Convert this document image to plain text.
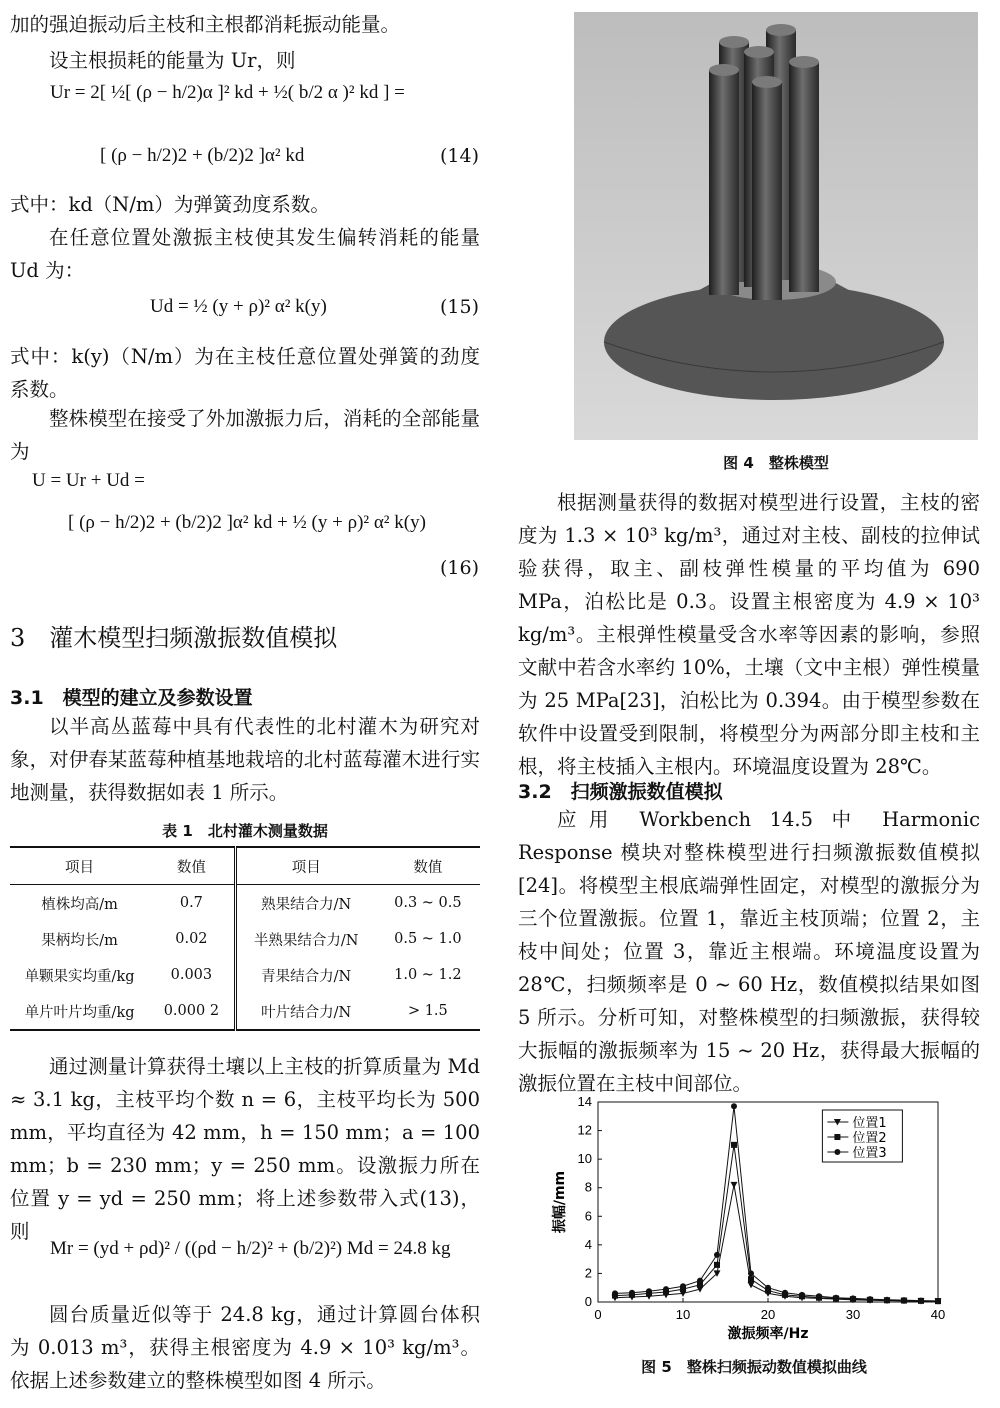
加的强迫振动后主枝和主根都消耗振动能量。

设主根损耗的能量为 Ur，则

Ur = 2[ ½[ (ρ − h/2)α ]² kd + ½( b/2 α )² kd ] =
[ (ρ − h/2)2 + (b/2)2 ]α² kd	(14)

式中：kd（N/m）为弹簧劲度系数。

在任意位置处激振主枝使其发生偏转消耗的能量 Ud 为：

Ud = ½ (y + ρ)² α² k(y)	(15)

式中：k(y)（N/m）为在主枝任意位置处弹簧的劲度系数。

整株模型在接受了外加激振力后，消耗的全部能量为

U = Ur + Ud =
[ (ρ − h/2)2 + (b/2)2 ]α² kd + ½ (y + ρ)² α² k(y)
(16)
3　灌木模型扫频激振数值模拟
3.1　模型的建立及参数设置

以半高丛蓝莓中具有代表性的北村灌木为研究对象，对伊春某蓝莓种植基地栽培的北村蓝莓灌木进行实地测量，获得数据如表 1 所示。

表 1　北村灌木测量数据
项目	数值	项目	数值
植株均高/m	0.7	熟果结合力/N	0.3 ~ 0.5
果柄均长/m	0.02	半熟果结合力/N	0.5 ~ 1.0
单颗果实均重/kg	0.003	青果结合力/N	1.0 ~ 1.2
单片叶片均重/kg	0.000 2	叶片结合力/N	> 1.5

通过测量计算获得土壤以上主枝的折算质量为 Md ≈ 3.1 kg，主枝平均个数 n = 6，主枝平均长为 500 mm，平均直径为 42 mm，h = 150 mm；a = 100 mm；b = 230 mm；y = 250 mm。设激振力所在位置 y = yd = 250 mm；将上述参数带入式(13)，则

Mr = (yd + ρd)² / ((ρd − h/2)² + (b/2)²) Md = 24.8 kg

圆台质量近似等于 24.8 kg，通过计算圆台体积为 0.013 m³，获得主根密度为 4.9 × 10³ kg/m³。依据上述参数建立的整株模型如图 4 所示。

图 4　整株模型

根据测量获得的数据对模型进行设置，主枝的密度为 1.3 × 10³ kg/m³，通过对主枝、副枝的拉伸试验获得，取主、副枝弹性模量的平均值为 690 MPa，泊松比是 0.3。设置主根密度为 4.9 × 10³ kg/m³。主根弹性模量受含水率等因素的影响，参照文献中若含水率约 10%，土壤（文中主根）弹性模量为 25 MPa[23]，泊松比为 0.394。由于模型参数在软件中设置受到限制，将模型分为两部分即主枝和主根，将主枝插入主根内。环境温度设置为 28℃。

3.2　扫频激振数值模拟

应用 Workbench 14.5 中 Harmonic Response 模块对整株模型进行扫频激振数值模拟[24]。将模型主根底端弹性固定，对模型的激振分为三个位置激振。位置 1，靠近主枝顶端；位置 2，主枝中间处；位置 3，靠近主根端。环境温度设置为 28℃，扫频频率是 0 ~ 60 Hz，数值模拟结果如图 5 所示。分析可知，对整株模型的扫频激振，获得较大振幅的激振频率为 15 ~ 20 Hz，获得最大振幅的激振位置在主枝中间部位。

0	10	20	30	40
0
2
4
6
8
10
12
14
激振频率/Hz
振幅/mm
位置1
位置2
位置3
图 5　整株扫频振动数值模拟曲线
